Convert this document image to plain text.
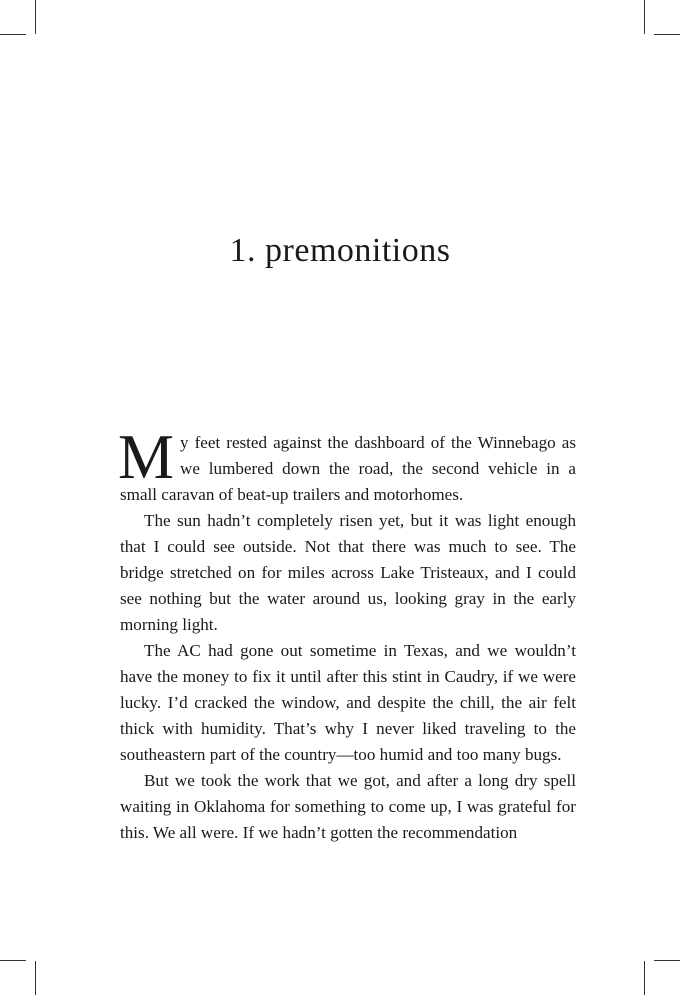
1. premonitions

My feet rested against the dashboard of the Winnebago as we lumbered down the road, the second vehicle in a small caravan of beat-up trailers and motorhomes.

The sun hadn’t completely risen yet, but it was light enough that I could see outside. Not that there was much to see. The bridge stretched on for miles across Lake Tristeaux, and I could see nothing but the water around us, looking gray in the early morning light.

The AC had gone out sometime in Texas, and we wouldn’t have the money to fix it until after this stint in Caudry, if we were lucky. I’d cracked the window, and despite the chill, the air felt thick with humidity. That’s why I never liked traveling to the southeastern part of the country—too humid and too many bugs.

But we took the work that we got, and after a long dry spell waiting in Oklahoma for something to come up, I was grateful for this. We all were. If we hadn’t gotten the recommendation
